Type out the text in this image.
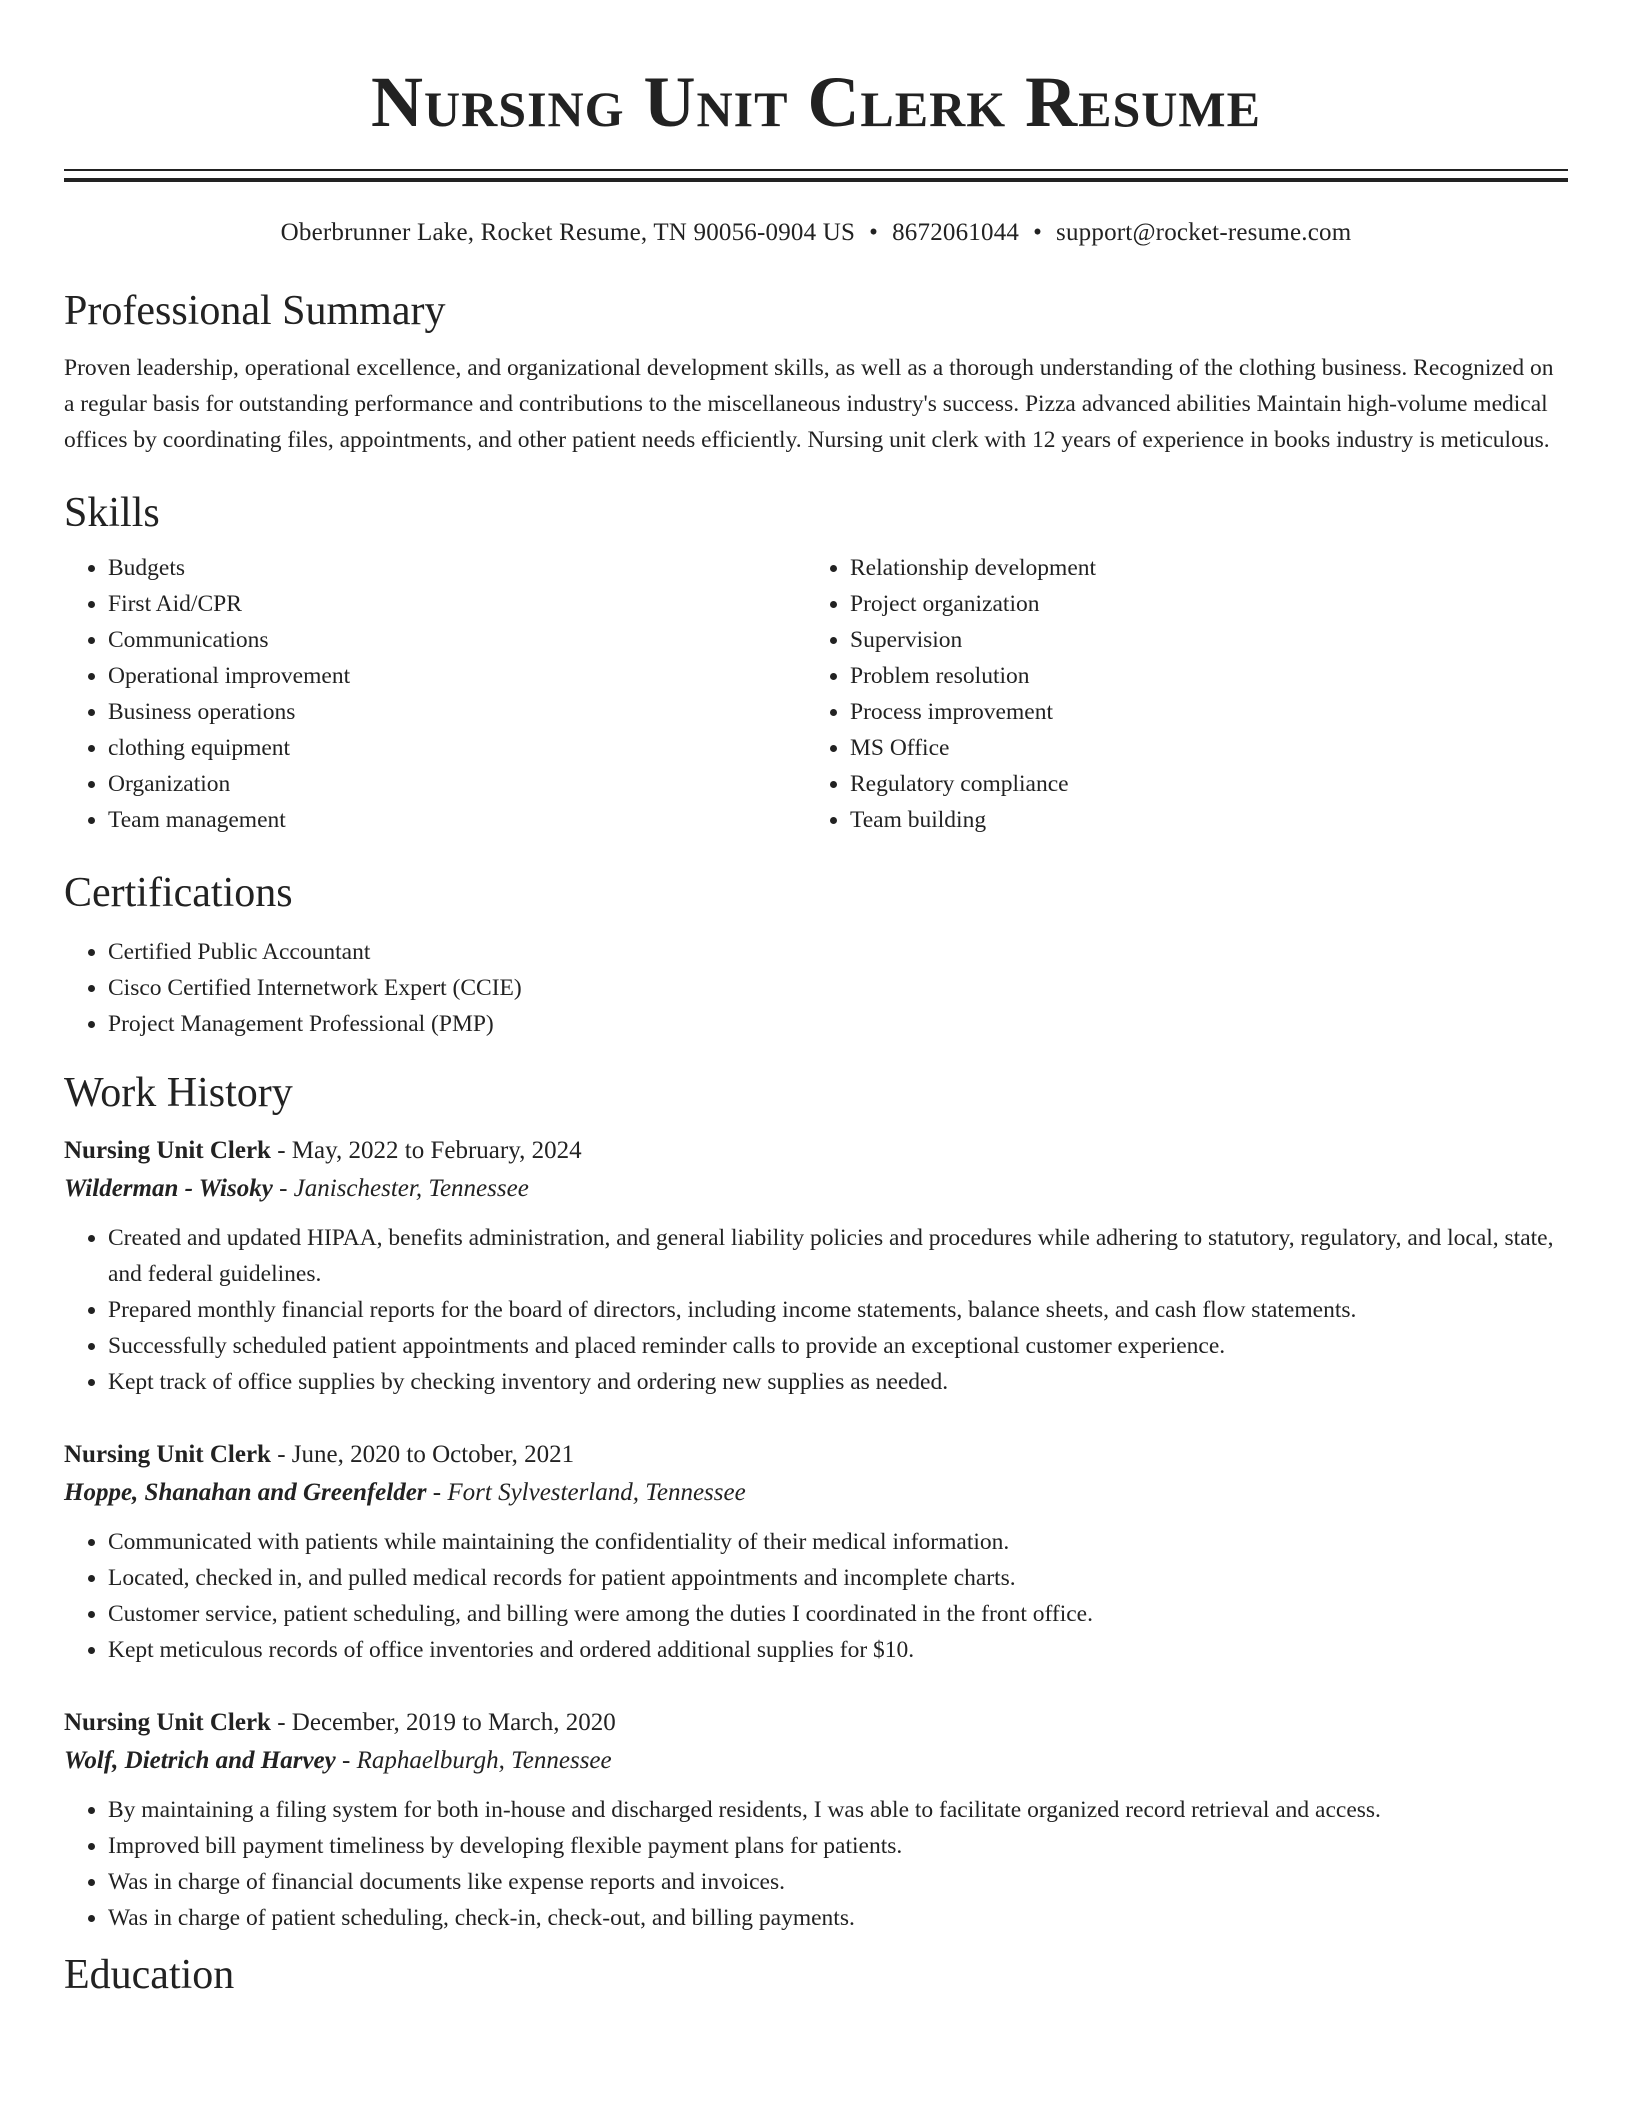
Nursing Unit Clerk Resume
Oberbrunner Lake, Rocket Resume, TN 90056-0904 US • 8672061044 • support@rocket-resume.com
Professional Summary

Proven leadership, operational excellence, and organizational development skills, as well as a thorough understanding of the clothing business. Recognized on a regular basis for outstanding performance and contributions to the miscellaneous industry's success. Pizza advanced abilities Maintain high-volume medical offices by coordinating files, appointments, and other patient needs efficiently. Nursing unit clerk with 12 years of experience in books industry is meticulous.

Skills
• Budgets
• First Aid/CPR
• Communications
• Operational improvement
• Business operations
• clothing equipment
• Organization
• Team management
• Relationship development
• Project organization
• Supervision
• Problem resolution
• Process improvement
• MS Office
• Regulatory compliance
• Team building
Certifications
• Certified Public Accountant
• Cisco Certified Internetwork Expert (CCIE)
• Project Management Professional (PMP)
Work History
Nursing Unit Clerk - May, 2022 to February, 2024
Wilderman - Wisoky - Janischester, Tennessee
• Created and updated HIPAA, benefits administration, and general liability policies and procedures while adhering to statutory, regulatory, and local, state, and federal guidelines.
• Prepared monthly financial reports for the board of directors, including income statements, balance sheets, and cash flow statements.
• Successfully scheduled patient appointments and placed reminder calls to provide an exceptional customer experience.
• Kept track of office supplies by checking inventory and ordering new supplies as needed.
Nursing Unit Clerk - June, 2020 to October, 2021
Hoppe, Shanahan and Greenfelder - Fort Sylvesterland, Tennessee
• Communicated with patients while maintaining the confidentiality of their medical information.
• Located, checked in, and pulled medical records for patient appointments and incomplete charts.
• Customer service, patient scheduling, and billing were among the duties I coordinated in the front office.
• Kept meticulous records of office inventories and ordered additional supplies for $10.
Nursing Unit Clerk - December, 2019 to March, 2020
Wolf, Dietrich and Harvey - Raphaelburgh, Tennessee
• By maintaining a filing system for both in-house and discharged residents, I was able to facilitate organized record retrieval and access.
• Improved bill payment timeliness by developing flexible payment plans for patients.
• Was in charge of financial documents like expense reports and invoices.
• Was in charge of patient scheduling, check-in, check-out, and billing payments.
Education
